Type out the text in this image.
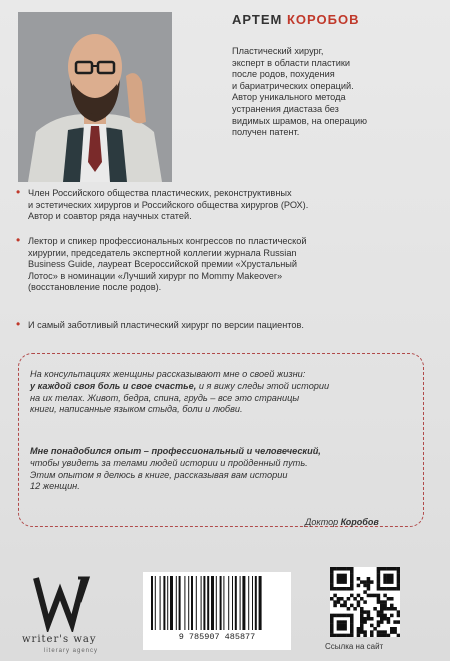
АРТЕМ КОРОБОВ
Пластический хирург,
эксперт в области пластики
после родов, похудения
и бариатрических операций.
Автор уникального метода
устранения диастаза без
видимых шрамов, на операцию
получен патент.
• Член Российского общества пластических, реконструктивных
и эстетических хирургов и Российского общества хирургов (РОХ).
Автор и соавтор ряда научных статей.
• Лектор и спикер профессиональных конгрессов по пластической
хирургии, председатель экспертной коллегии журнала Russian
Business Guide, лауреат Всероссийской премии «Хрустальный
Лотос» в номинации «Лучший хирург по Mommy Makeover»
(восстановление после родов).
• И самый заботливый пластический хирург по версии пациентов.
На консультациях женщины рассказывают мне о своей жизни:
у каждой своя боль и свое счастье, и я вижу следы этой истории
на их телах. Живот, бедра, спина, грудь – все это страницы
книги, написанные языком стыда, боли и любви.
Мне понадобился опыт – профессиональный и человеческий,
чтобы увидеть за телами людей истории и пройденный путь.
Этим опытом я делюсь в книге, рассказывая вам истории
12 женщин.
Доктор Коробов
writer's way
literary agency
9 785907 485877
Ссылка на сайт
